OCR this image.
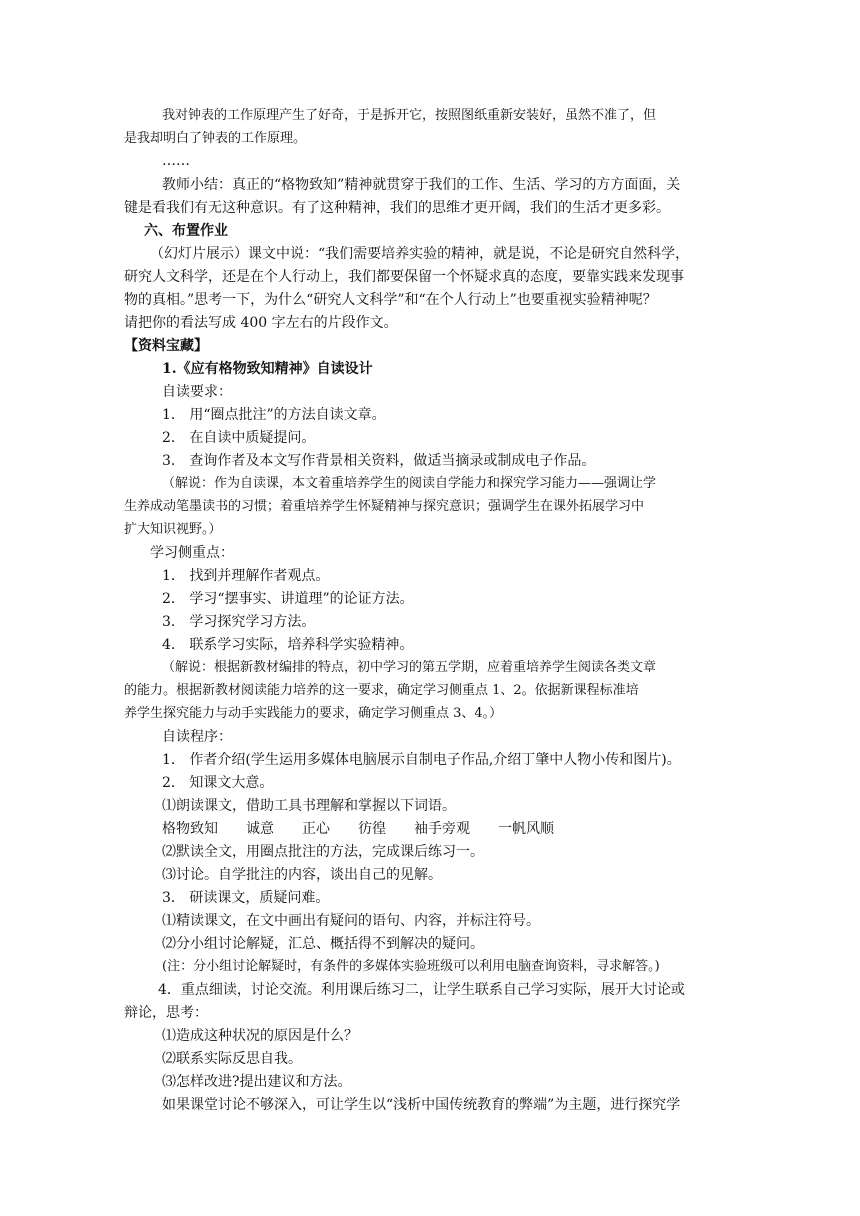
我对钟表的工作原理产生了好奇，于是拆开它，按照图纸重新安装好，虽然不准了，但
是我却明白了钟表的工作原理。
……
教师小结：真正的“格物致知”精神就贯穿于我们的工作、生活、学习的方方面面，关
键是看我们有无这种意识。有了这种精神，我们的思维才更开阔，我们的生活才更多彩。
六、布置作业
（幻灯片展示）课文中说：“我们需要培养实验的精神，就是说，不论是研究自然科学，
研究人文科学，还是在个人行动上，我们都要保留一个怀疑求真的态度，要靠实践来发现事
物的真相。”思考一下，为什么“研究人文科学”和“在个人行动上”也要重视实验精神呢？
请把你的看法写成 400 字左右的片段作文。
【资料宝藏】
1.《应有格物致知精神》自读设计
自读要求：
1． 用“圈点批注”的方法自读文章。
2． 在自读中质疑提问。
3． 查询作者及本文写作背景相关资料，做适当摘录或制成电子作品。
（解说：作为自读课，本文着重培养学生的阅读自学能力和探究学习能力——强调让学
生养成动笔墨读书的习惯；着重培养学生怀疑精神与探究意识；强调学生在课外拓展学习中
扩大知识视野。）
学习侧重点：
1． 找到并理解作者观点。
2． 学习“摆事实、讲道理”的论证方法。
3． 学习探究学习方法。
4． 联系学习实际，培养科学实验精神。
（解说：根据新教材编排的特点，初中学习的第五学期，应着重培养学生阅读各类文章
的能力。根据新教材阅读能力培养的这一要求，确定学习侧重点 1、2。依据新课程标准培
养学生探究能力与动手实践能力的要求，确定学习侧重点 3、4。）
自读程序：
1． 作者介绍(学生运用多媒体电脑展示自制电子作品,介绍丁肇中人物小传和图片)。
2． 知课文大意。
⑴朗读课文，借助工具书理解和掌握以下词语。
格物致知　　诚意　　正心　　彷徨　　袖手旁观　　一帆风顺
⑵默读全文，用圈点批注的方法，完成课后练习一。
⑶讨论。自学批注的内容，谈出自己的见解。
3． 研读课文，质疑问难。
⑴精读课文，在文中画出有疑问的语句、内容，并标注符号。
⑵分小组讨论解疑，汇总、概括得不到解决的疑问。
(注：分小组讨论解疑时，有条件的多媒体实验班级可以利用电脑查询资料，寻求解答。)
4．重点细读，讨论交流。利用课后练习二，让学生联系自己学习实际，展开大讨论或
辩论，思考：
⑴造成这种状况的原因是什么？
⑵联系实际反思自我。
⑶怎样改进?提出建议和方法。
如果课堂讨论不够深入，可让学生以“浅析中国传统教育的弊端”为主题，进行探究学
